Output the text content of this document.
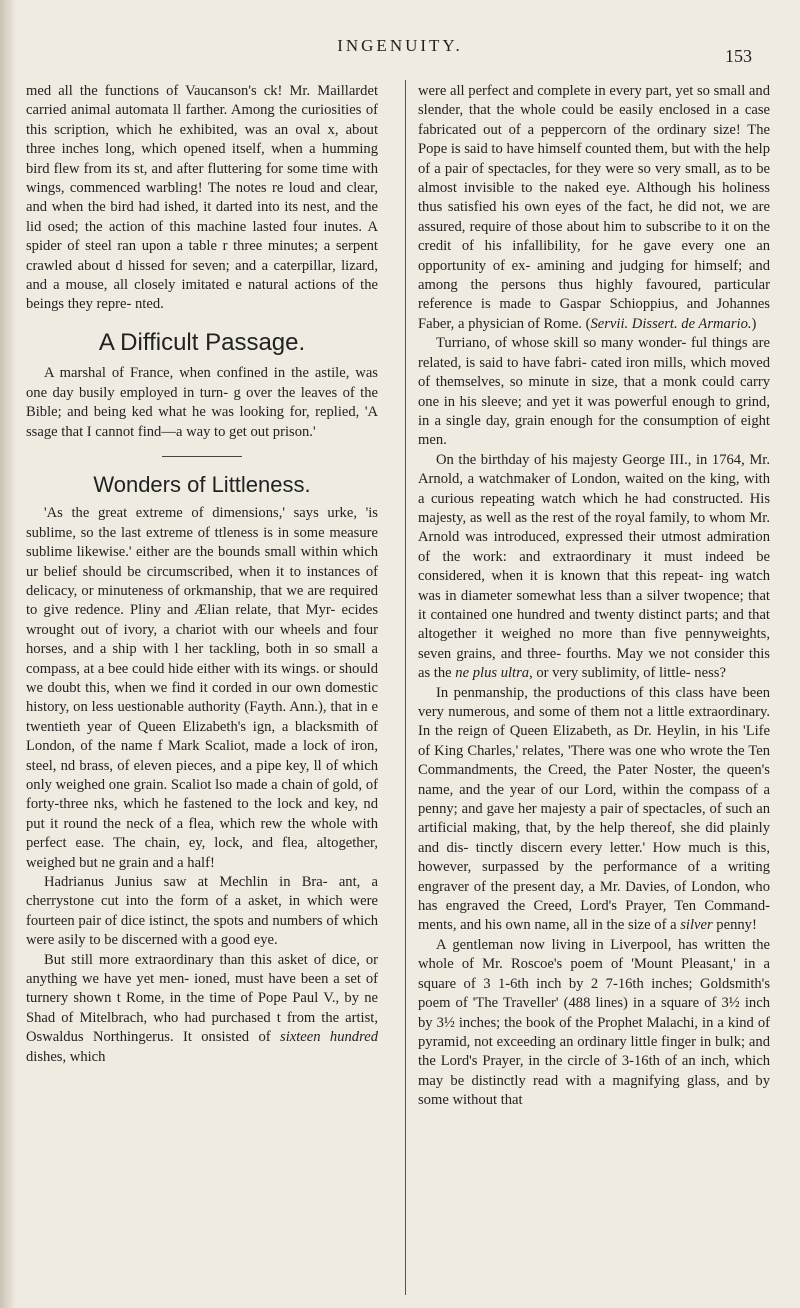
INGENUITY.
153

med all the functions of Vaucanson's ck! Mr. Maillardet carried animal automata ll farther. Among the curiosities of this scription, which he exhibited, was an oval x, about three inches long, which opened itself, when a humming bird flew from its st, and after fluttering for some time with wings, commenced warbling! The notes re loud and clear, and when the bird had ished, it darted into its nest, and the lid osed; the action of this machine lasted four inutes. A spider of steel ran upon a table r three minutes; a serpent crawled about d hissed for seven; and a caterpillar, lizard, and a mouse, all closely imitated e natural actions of the beings they repre- nted.

A Difficult Passage.

A marshal of France, when confined in the astile, was one day busily employed in turn- g over the leaves of the Bible; and being ked what he was looking for, replied, 'A ssage that I cannot find—a way to get out prison.'

Wonders of Littleness.

'As the great extreme of dimensions,' says urke, 'is sublime, so the last extreme of ttleness is in some measure sublime likewise.' either are the bounds small within which ur belief should be circumscribed, when it to instances of delicacy, or minuteness of orkmanship, that we are required to give redence. Pliny and Ælian relate, that Myr- ecides wrought out of ivory, a chariot with our wheels and four horses, and a ship with l her tackling, both in so small a compass, at a bee could hide either with its wings. or should we doubt this, when we find it corded in our own domestic history, on less uestionable authority (Fayth. Ann.), that in e twentieth year of Queen Elizabeth's ign, a blacksmith of London, of the name f Mark Scaliot, made a lock of iron, steel, nd brass, of eleven pieces, and a pipe key, ll of which only weighed one grain. Scaliot lso made a chain of gold, of forty-three nks, which he fastened to the lock and key, nd put it round the neck of a flea, which rew the whole with perfect ease. The chain, ey, lock, and flea, altogether, weighed but ne grain and a half!

Hadrianus Junius saw at Mechlin in Bra- ant, a cherrystone cut into the form of a asket, in which were fourteen pair of dice istinct, the spots and numbers of which were asily to be discerned with a good eye.

But still more extraordinary than this asket of dice, or anything we have yet men- ioned, must have been a set of turnery shown t Rome, in the time of Pope Paul V., by ne Shad of Mitelbrach, who had purchased t from the artist, Oswaldus Northingerus. It onsisted of sixteen hundred dishes, which

were all perfect and complete in every part, yet so small and slender, that the whole could be easily enclosed in a case fabricated out of a peppercorn of the ordinary size! The Pope is said to have himself counted them, but with the help of a pair of spectacles, for they were so very small, as to be almost invisible to the naked eye. Although his holiness thus satisfied his own eyes of the fact, he did not, we are assured, require of those about him to subscribe to it on the credit of his infallibility, for he gave every one an opportunity of ex- amining and judging for himself; and among the persons thus highly favoured, particular reference is made to Gaspar Schioppius, and Johannes Faber, a physician of Rome. (Servii. Dissert. de Armario.)

Turriano, of whose skill so many wonder- ful things are related, is said to have fabri- cated iron mills, which moved of themselves, so minute in size, that a monk could carry one in his sleeve; and yet it was powerful enough to grind, in a single day, grain enough for the consumption of eight men.

On the birthday of his majesty George III., in 1764, Mr. Arnold, a watchmaker of London, waited on the king, with a curious repeating watch which he had constructed. His majesty, as well as the rest of the royal family, to whom Mr. Arnold was introduced, expressed their utmost admiration of the work: and extraordinary it must indeed be considered, when it is known that this repeat- ing watch was in diameter somewhat less than a silver twopence; that it contained one hundred and twenty distinct parts; and that altogether it weighed no more than five pennyweights, seven grains, and three- fourths. May we not consider this as the ne plus ultra, or very sublimity, of little- ness?

In penmanship, the productions of this class have been very numerous, and some of them not a little extraordinary. In the reign of Queen Elizabeth, as Dr. Heylin, in his 'Life of King Charles,' relates, 'There was one who wrote the Ten Commandments, the Creed, the Pater Noster, the queen's name, and the year of our Lord, within the compass of a penny; and gave her majesty a pair of spectacles, of such an artificial making, that, by the help thereof, she did plainly and dis- tinctly discern every letter.' How much is this, however, surpassed by the performance of a writing engraver of the present day, a Mr. Davies, of London, who has engraved the Creed, Lord's Prayer, Ten Command- ments, and his own name, all in the size of a silver penny!

A gentleman now living in Liverpool, has written the whole of Mr. Roscoe's poem of 'Mount Pleasant,' in a square of 3 1-6th inch by 2 7-16th inches; Goldsmith's poem of 'The Traveller' (488 lines) in a square of 3½ inch by 3½ inches; the book of the Prophet Malachi, in a kind of pyramid, not exceeding an ordinary little finger in bulk; and the Lord's Prayer, in the circle of 3-16th of an inch, which may be distinctly read with a magnifying glass, and by some without that
